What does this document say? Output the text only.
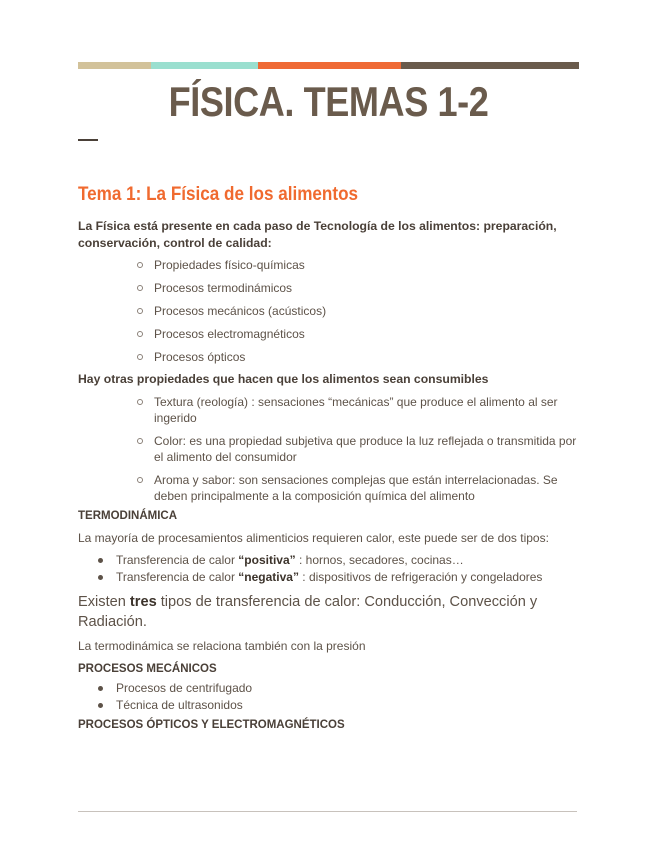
FÍSICA. TEMAS 1-2
Tema 1: La Física de los alimentos
La Física está presente en cada paso de Tecnología de los alimentos: preparación, conservación, control de calidad:
Propiedades físico-químicas
Procesos termodinámicos
Procesos mecánicos (acústicos)
Procesos electromagnéticos
Procesos ópticos
Hay otras propiedades que hacen que los alimentos sean consumibles
Textura (reología) : sensaciones “mecánicas” que produce el alimento al ser ingerido
Color: es una propiedad subjetiva que produce la luz reflejada o transmitida por el alimento del consumidor
Aroma y sabor: son sensaciones complejas que están interrelacionadas. Se deben principalmente a la composición química del alimento
TERMODINÁMICA
La mayoría de procesamientos alimenticios requieren calor, este puede ser de dos tipos:
Transferencia de calor “positiva” : hornos, secadores, cocinas…
Transferencia de calor “negativa” : dispositivos de refrigeración y congeladores
Existen tres tipos de transferencia de calor: Conducción, Convección y Radiación.
La termodinámica se relaciona también con la presión
PROCESOS MECÁNICOS
Procesos de centrifugado
Técnica de ultrasonidos
PROCESOS ÓPTICOS Y ELECTROMAGNÉTICOS
